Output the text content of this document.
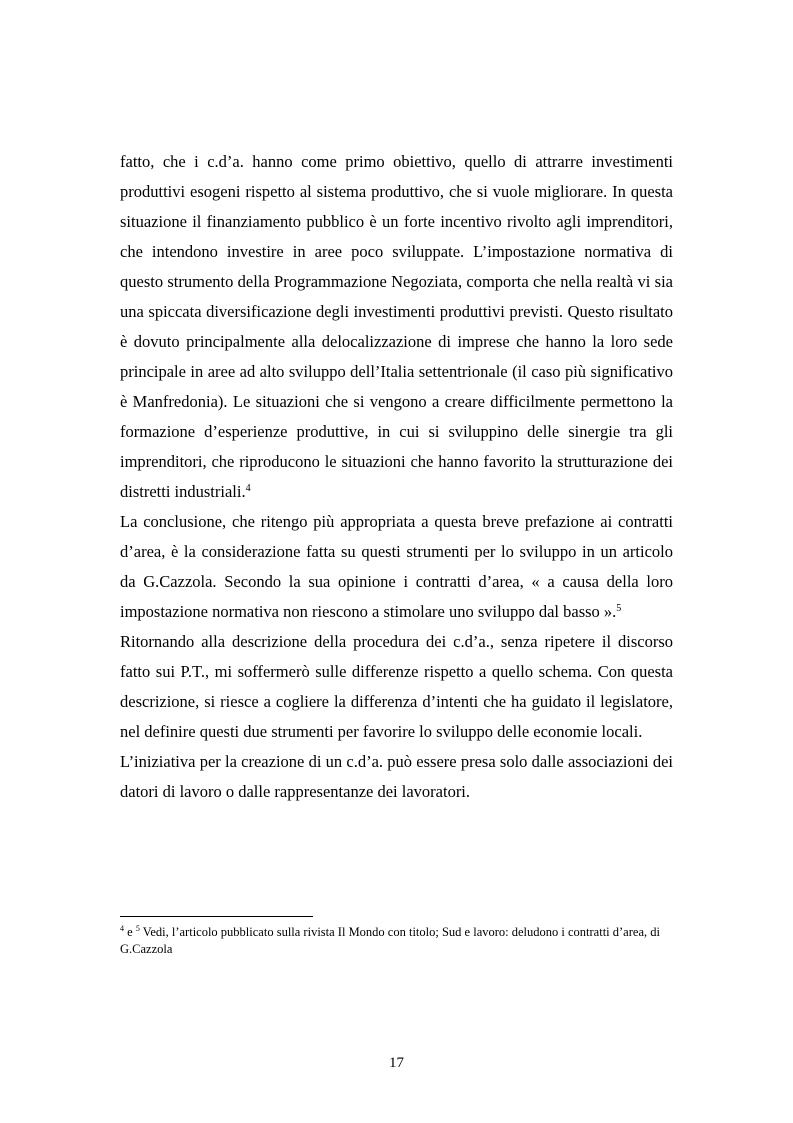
fatto, che i c.d’a. hanno come primo obiettivo, quello di attrarre investimenti produttivi esogeni rispetto al sistema produttivo, che si vuole migliorare. In questa situazione il finanziamento pubblico è un forte incentivo rivolto agli imprenditori, che intendono investire in aree poco sviluppate. L’impostazione normativa di questo strumento della Programmazione Negoziata, comporta che nella realtà vi sia una spiccata diversificazione degli investimenti produttivi previsti. Questo risultato è dovuto principalmente alla delocalizzazione di imprese che hanno la loro sede principale in aree ad alto sviluppo dell’Italia settentrionale (il caso più significativo è Manfredonia). Le situazioni che si vengono a creare difficilmente permettono la formazione d’esperienze produttive, in cui si sviluppino delle sinergie tra gli imprenditori, che riproducono le situazioni che hanno favorito la strutturazione dei distretti industriali.$^4$

La conclusione, che ritengo più appropriata a questa breve prefazione ai contratti d’area, è la considerazione fatta su questi strumenti per lo sviluppo in un articolo da G.Cazzola. Secondo la sua opinione i contratti d’area, « a causa della loro impostazione normativa non riescono a stimolare uno sviluppo dal basso ».$^5$

Ritornando alla descrizione della procedura dei c.d’a., senza ripetere il discorso fatto sui P.T., mi soffermerò sulle differenze rispetto a quello schema. Con questa descrizione, si riesce a cogliere la differenza d’intenti che ha guidato il legislatore, nel definire questi due strumenti per favorire lo sviluppo delle economie locali.

L’iniziativa per la creazione di un c.d’a. può essere presa solo dalle associazioni dei datori di lavoro o dalle rappresentanze dei lavoratori.

$^4$ e $^5$ Vedi, l’articolo pubblicato sulla rivista Il Mondo con titolo; Sud e lavoro: deludono i contratti d’area, di G.Cazzola
17
